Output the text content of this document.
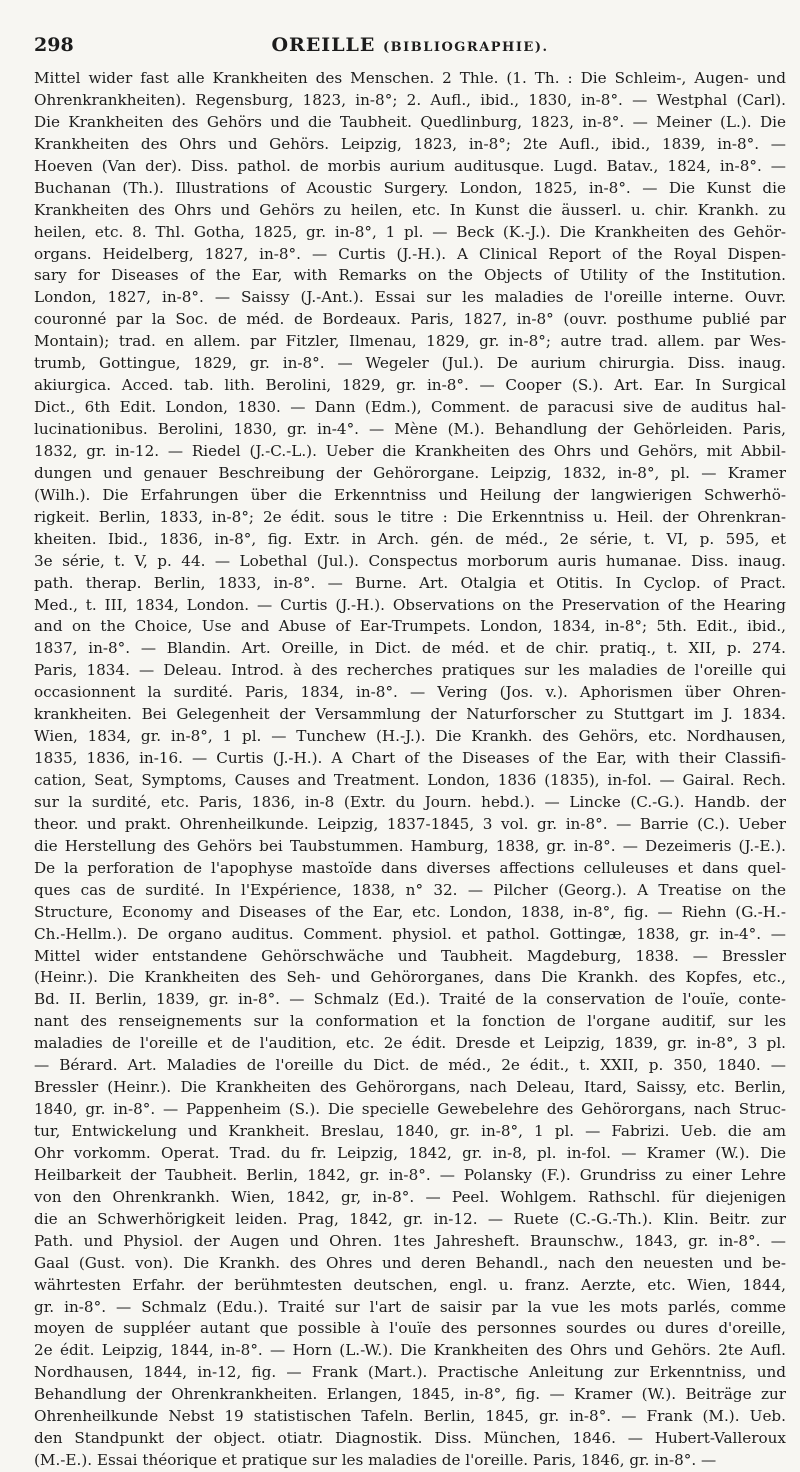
298	OREILLE (BIBLIOGRAPHIE).
Mittel wider fast alle Krankheiten des Menschen. 2 Thle. (1. Th. : Die Schleim-, Augen- und
Ohrenkrankheiten). Regensburg, 1823, in-8°; 2. Aufl., ibid., 1830, in-8°. — Westphal (Carl).
Die Krankheiten des Gehörs und die Taubheit. Quedlinburg, 1823, in-8°. — Meiner (L.). Die
Krankheiten des Ohrs und Gehörs. Leipzig, 1823, in-8°; 2te Aufl., ibid., 1839, in-8°. —
Hoeven (Van der). Diss. pathol. de morbis aurium auditusque. Lugd. Batav., 1824, in-8°. —
Buchanan (Th.). Illustrations of Acoustic Surgery. London, 1825, in-8°. — Die Kunst die
Krankheiten des Ohrs und Gehörs zu heilen, etc. In Kunst die äusserl. u. chir. Krankh. zu
heilen, etc. 8. Thl. Gotha, 1825, gr. in-8°, 1 pl. — Beck (K.-J.). Die Krankheiten des Gehör-
organs. Heidelberg, 1827, in-8°. — Curtis (J.-H.). A Clinical Report of the Royal Dispen-
sary for Diseases of the Ear, with Remarks on the Objects of Utility of the Institution.
London, 1827, in-8°. — Saissy (J.-Ant.). Essai sur les maladies de l'oreille interne. Ouvr.
couronné par la Soc. de méd. de Bordeaux. Paris, 1827, in-8° (ouvr. posthume publié par
Montain); trad. en allem. par Fitzler, Ilmenau, 1829, gr. in-8°; autre trad. allem. par Wes-
trumb, Gottingue, 1829, gr. in-8°. — Wegeler (Jul.). De aurium chirurgia. Diss. inaug.
akiurgica. Acced. tab. lith. Berolini, 1829, gr. in-8°. — Cooper (S.). Art. Ear. In Surgical
Dict., 6th Edit. London, 1830. — Dann (Edm.), Comment. de paracusi sive de auditus hal-
lucinationibus. Berolini, 1830, gr. in-4°. — Mène (M.). Behandlung der Gehörleiden. Paris,
1832, gr. in-12. — Riedel (J.-C.-L.). Ueber die Krankheiten des Ohrs und Gehörs, mit Abbil-
dungen und genauer Beschreibung der Gehörorgane. Leipzig, 1832, in-8°, pl. — Kramer
(Wilh.). Die Erfahrungen über die Erkenntniss und Heilung der langwierigen Schwerhö-
rigkeit. Berlin, 1833, in-8°; 2e édit. sous le titre : Die Erkenntniss u. Heil. der Ohrenkran-
kheiten. Ibid., 1836, in-8°, fig. Extr. in Arch. gén. de méd., 2e série, t. VI, p. 595, et
3e série, t. V, p. 44. — Lobethal (Jul.). Conspectus morborum auris humanae. Diss. inaug.
path. therap. Berlin, 1833, in-8°. — Burne. Art. Otalgia et Otitis. In Cyclop. of Pract.
Med., t. III, 1834, London. — Curtis (J.-H.). Observations on the Preservation of the Hearing
and on the Choice, Use and Abuse of Ear-Trumpets. London, 1834, in-8°; 5th. Edit., ibid.,
1837, in-8°. — Blandin. Art. Oreille, in Dict. de méd. et de chir. pratiq., t. XII, p. 274.
Paris, 1834. — Deleau. Introd. à des recherches pratiques sur les maladies de l'oreille qui
occasionnent la surdité. Paris, 1834, in-8°. — Vering (Jos. v.). Aphorismen über Ohren-
krankheiten. Bei Gelegenheit der Versammlung der Naturforscher zu Stuttgart im J. 1834.
Wien, 1834, gr. in-8°, 1 pl. — Tunchew (H.-J.). Die Krankh. des Gehörs, etc. Nordhausen,
1835, 1836, in-16. — Curtis (J.-H.). A Chart of the Diseases of the Ear, with their Classifi-
cation, Seat, Symptoms, Causes and Treatment. London, 1836 (1835), in-fol. — Gairal. Rech.
sur la surdité, etc. Paris, 1836, in-8 (Extr. du Journ. hebd.). — Lincke (C.-G.). Handb. der
theor. und prakt. Ohrenheilkunde. Leipzig, 1837-1845, 3 vol. gr. in-8°. — Barrie (C.). Ueber
die Herstellung des Gehörs bei Taubstummen. Hamburg, 1838, gr. in-8°. — Dezeimeris (J.-E.).
De la perforation de l'apophyse mastoïde dans diverses affections celluleuses et dans quel-
ques cas de surdité. In l'Expérience, 1838, n° 32. — Pilcher (Georg.). A Treatise on the
Structure, Economy and Diseases of the Ear, etc. London, 1838, in-8°, fig. — Riehn (G.-H.-
Ch.-Hellm.). De organo auditus. Comment. physiol. et pathol. Gottingæ, 1838, gr. in-4°. —
Mittel wider entstandene Gehörschwäche und Taubheit. Magdeburg, 1838. — Bressler
(Heinr.). Die Krankheiten des Seh- und Gehörorganes, dans Die Krankh. des Kopfes, etc.,
Bd. II. Berlin, 1839, gr. in-8°. — Schmalz (Ed.). Traité de la conservation de l'ouïe, conte-
nant des renseignements sur la conformation et la fonction de l'organe auditif, sur les
maladies de l'oreille et de l'audition, etc. 2e édit. Dresde et Leipzig, 1839, gr. in-8°, 3 pl.
— Bérard. Art. Maladies de l'oreille du Dict. de méd., 2e édit., t. XXII, p. 350, 1840. —
Bressler (Heinr.). Die Krankheiten des Gehörorgans, nach Deleau, Itard, Saissy, etc. Berlin,
1840, gr. in-8°. — Pappenheim (S.). Die specielle Gewebelehre des Gehörorgans, nach Struc-
tur, Entwickelung und Krankheit. Breslau, 1840, gr. in-8°, 1 pl. — Fabrizi. Ueb. die am
Ohr vorkomm. Operat. Trad. du fr. Leipzig, 1842, gr. in-8, pl. in-fol. — Kramer (W.). Die
Heilbarkeit der Taubheit. Berlin, 1842, gr. in-8°. — Polansky (F.). Grundriss zu einer Lehre
von den Ohrenkrankh. Wien, 1842, gr, in-8°. — Peel. Wohlgem. Rathschl. für diejenigen
die an Schwerhörigkeit leiden. Prag, 1842, gr. in-12. — Ruete (C.-G.-Th.). Klin. Beitr. zur
Path. und Physiol. der Augen und Ohren. 1tes Jahresheft. Braunschw., 1843, gr. in-8°. —
Gaal (Gust. von). Die Krankh. des Ohres und deren Behandl., nach den neuesten und be-
währtesten Erfahr. der berühmtesten deutschen, engl. u. franz. Aerzte, etc. Wien, 1844,
gr. in-8°. — Schmalz (Edu.). Traité sur l'art de saisir par la vue les mots parlés, comme
moyen de suppléer autant que possible à l'ouïe des personnes sourdes ou dures d'oreille,
2e édit. Leipzig, 1844, in-8°. — Horn (L.-W.). Die Krankheiten des Ohrs und Gehörs. 2te Aufl.
Nordhausen, 1844, in-12, fig. — Frank (Mart.). Practische Anleitung zur Erkenntniss, und
Behandlung der Ohrenkrankheiten. Erlangen, 1845, in-8°, fig. — Kramer (W.). Beiträge zur
Ohrenheilkunde Nebst 19 statistischen Tafeln. Berlin, 1845, gr. in-8°. — Frank (M.). Ueb.
den Standpunkt der object. otiatr. Diagnostik. Diss. München, 1846. — Hubert-Valleroux
(M.-E.). Essai théorique et pratique sur les maladies de l'oreille. Paris, 1846, gr. in-8°. —
